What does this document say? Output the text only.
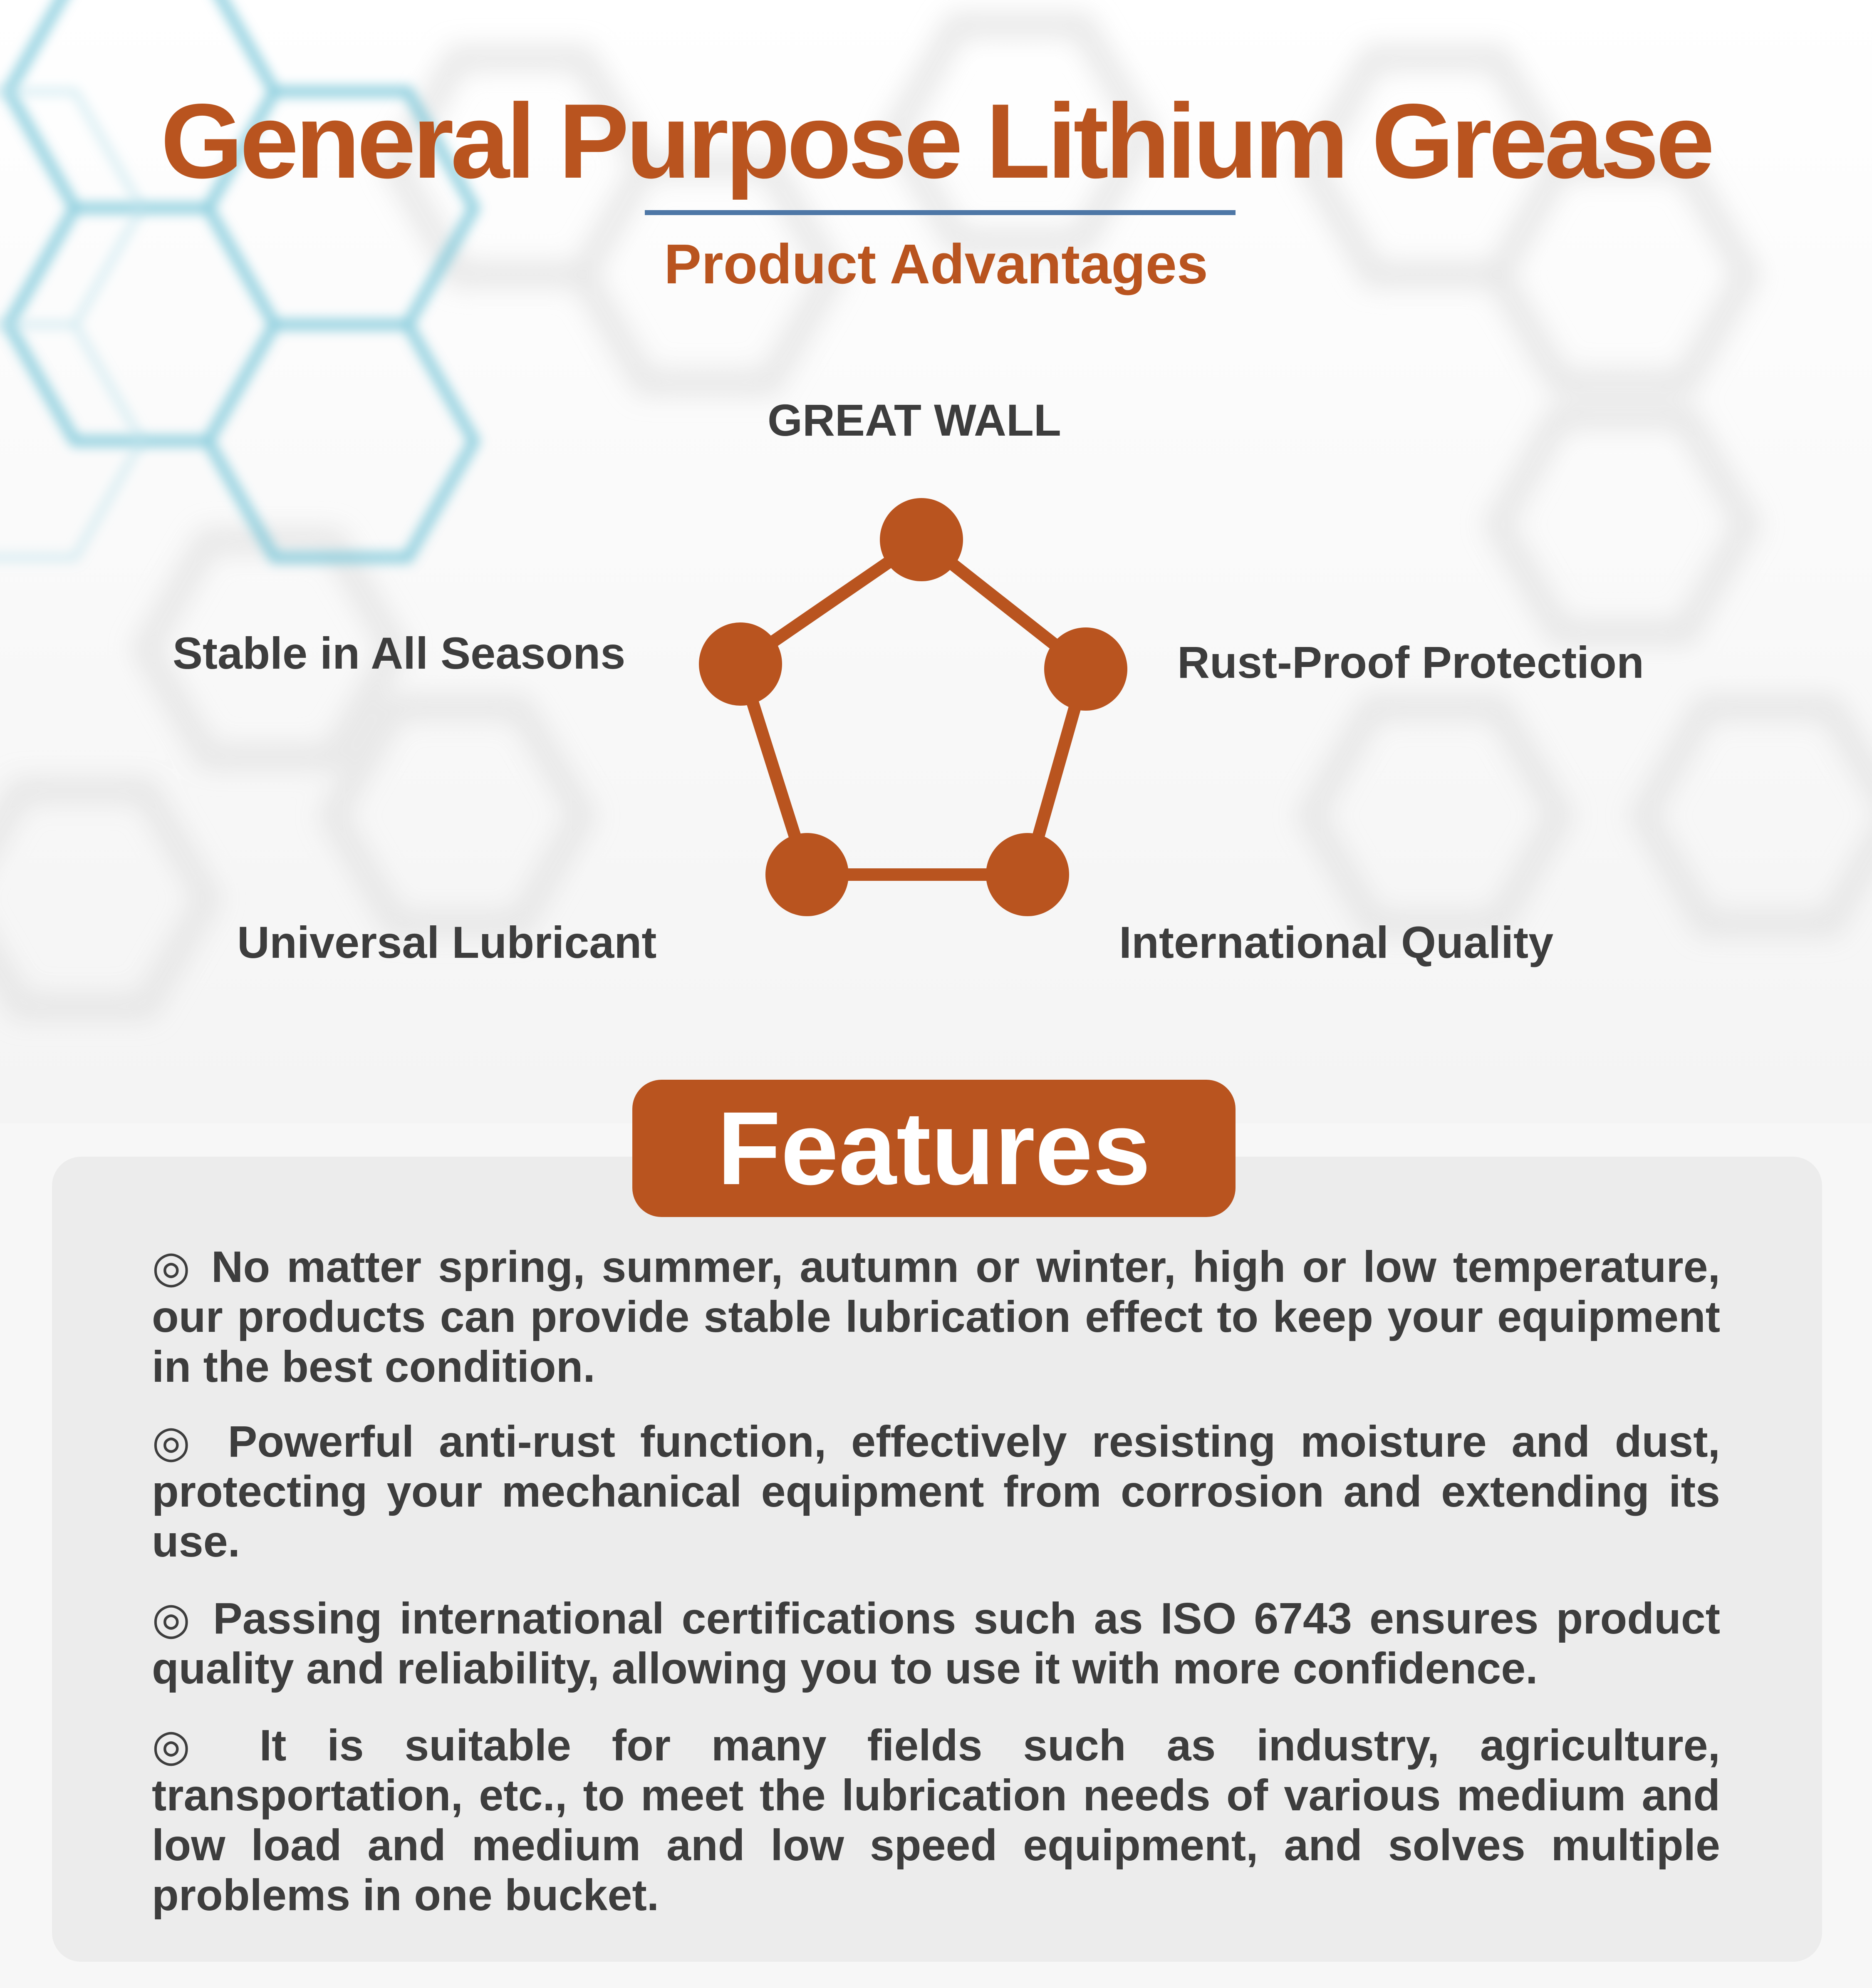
General Purpose Lithium Grease
Product Advantages
GREAT WALL
Stable in All Seasons	Rust-Proof Protection
Universal Lubricant	International Quality
Features
◎ No matter spring, summer, autumn or winter, high or low temperature, our products can provide stable lubrication effect to keep your equipment in the best condition.
◎ Powerful anti-rust function, effectively resisting moisture and dust, protecting your mechanical equipment from corrosion and extending its use.
◎ Passing international certifications such as ISO 6743 ensures product quality and reliability, allowing you to use it with more confidence.
◎ It is suitable for many fields such as industry, agriculture, transportation, etc., to meet the lubrication needs of various medium and low load and medium and low speed equipment, and solves multiple problems in one bucket.
